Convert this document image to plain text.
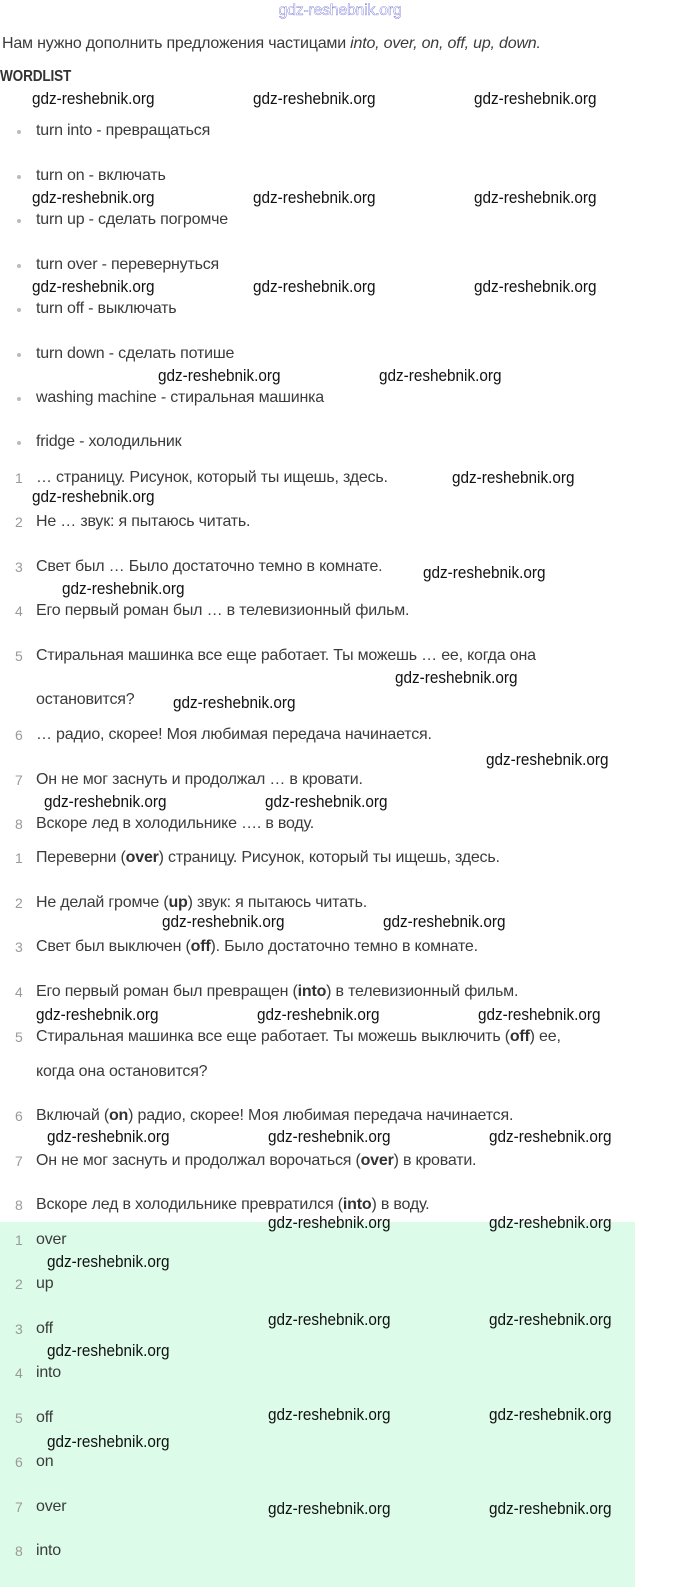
gdz-reshebnik.org
Нам нужно дополнить предложения частицами into, over, on, off, up, down.
WORDLIST
turn into - превращаться
turn on - включать
turn up - сделать погромче
turn over - перевернуться
turn off - выключать
turn down - сделать потише
washing machine - стиральная машинка
fridge - холодильник
1 … страницу. Рисунок, который ты ищешь, здесь.
2 Не … звук: я пытаюсь читать.
3 Свет был … Было достаточно темно в комнате.
4 Его первый роман был … в телевизионный фильм.
5 Стиральная машинка все еще работает. Ты можешь … ее, когда она
остановится?
6 … радио, скорее! Моя любимая передача начинается.
7 Он не мог заснуть и продолжал … в кровати.
8 Вскоре лед в холодильнике …. в воду.
1 Переверни (over) страницу. Рисунок, который ты ищешь, здесь.
2 Не делай громче (up) звук: я пытаюсь читать.
3 Свет был выключен (off). Было достаточно темно в комнате.
4 Его первый роман был превращен (into) в телевизионный фильм.
5 Стиральная машинка все еще работает. Ты можешь выключить (off) ее,
когда она остановится?
6 Включай (on) радио, скорее! Моя любимая передача начинается.
7 Он не мог заснуть и продолжал ворочаться (over) в кровати.
8 Вскоре лед в холодильнике превратился (into) в воду.
1 over
2 up
3 off
4 into
5 off
6 on
7 over
8 into
gdz-reshebnik.org	gdz-reshebnik.org	gdz-reshebnik.org
gdz-reshebnik.org	gdz-reshebnik.org	gdz-reshebnik.org
gdz-reshebnik.org	gdz-reshebnik.org	gdz-reshebnik.org
gdz-reshebnik.org	gdz-reshebnik.org
gdz-reshebnik.org
gdz-reshebnik.org
gdz-reshebnik.org
gdz-reshebnik.org
gdz-reshebnik.org
gdz-reshebnik.org
gdz-reshebnik.org
gdz-reshebnik.org
gdz-reshebnik.org
gdz-reshebnik.org	gdz-reshebnik.org
gdz-reshebnik.org	gdz-reshebnik.org	gdz-reshebnik.org
gdz-reshebnik.org	gdz-reshebnik.org	gdz-reshebnik.org
gdz-reshebnik.org	gdz-reshebnik.org
gdz-reshebnik.org
gdz-reshebnik.org	gdz-reshebnik.org
gdz-reshebnik.org
gdz-reshebnik.org	gdz-reshebnik.org
gdz-reshebnik.org
gdz-reshebnik.org	gdz-reshebnik.org
